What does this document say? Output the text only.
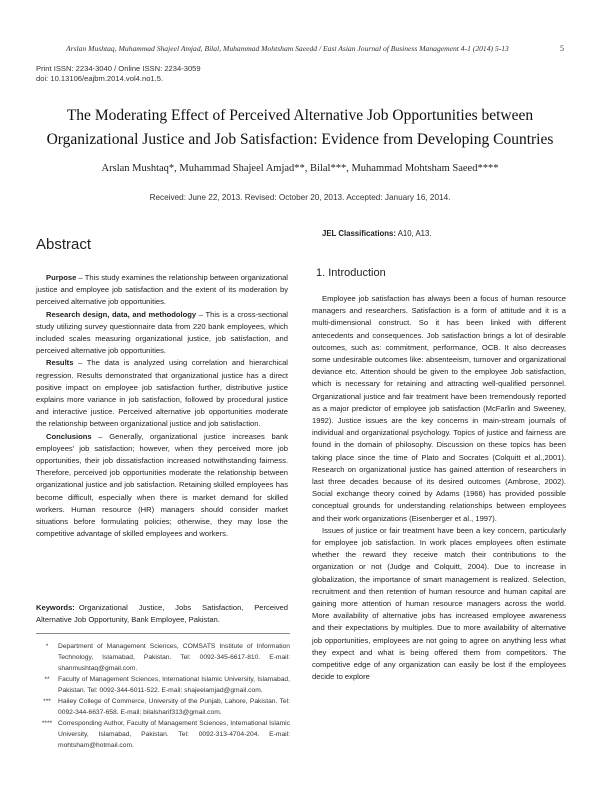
Arslan Mushtaq, Muhammad Shajeel Amjad, Bilal, Muhammad Mohtsham Saeedd / East Asian Journal of Business Management 4-1 (2014) 5-13	5
Print ISSN: 2234-3040 / Online ISSN: 2234-3059
doi: 10.13106/eajbm.2014.vol4.no1.5.
The Moderating Effect of Perceived Alternative Job Opportunities between
Organizational Justice and Job Satisfaction: Evidence from Developing Countries
Arslan Mushtaq*, Muhammad Shajeel Amjad**, Bilal***, Muhammad Mohtsham Saeed****
Received: June 22, 2013. Revised: October 20, 2013. Accepted: January 16, 2014.
Abstract

Purpose – This study examines the relationship between organizational justice and employee job satisfaction and the extent of its moderation by perceived alternative job opportunities.

Research design, data, and methodology – This is a cross-sectional study utilizing survey questionnaire data from 220 bank employees, which included scales measuring organizational justice, job satisfaction, and perceived alternative job opportunities.

Results – The data is analyzed using correlation and hierarchical regression. Results demonstrated that organizational justice has a direct positive impact on employee job satisfaction further, distributive justice explains more variance in job satisfaction, followed by procedural justice and interactive justice. Perceived alternative job opportunities moderate the relationship between organizational justice and job satisfaction.

Conclusions – Generally, organizational justice increases bank employees' job satisfaction; however, when they perceived more job opportunities, their job dissatisfaction increased notwithstanding fairness. Therefore, perceived job opportunities moderate the relationship between organizational justice and job satisfaction. Retaining skilled employees has become difficult, especially when there is market demand for skilled workers. Human resource (HR) managers should consider market situations before formulating policies; otherwise, they may lose the competitive advantage of skilled employees and workers.

Keywords: Organizational Justice, Jobs Satisfaction, Perceived Alternative Job Opportunity, Bank Employee, Pakistan.
*	Department of Management Sciences, COMSATS Institute of Information Technology, Islamabad, Pakistan. Tel: 0092-345-6617-810. E-mail: shanmushtaq@gmail.com.
**	Faculty of Management Sciences, International Islamic University, Islamabad, Pakistan. Tel: 0092-344-6011-522. E-mail: shajeelamjad@gmail.com.
***	Hailey College of Commerce, University of the Punjab, Lahore, Pakistan. Tel: 0092-344-6637-658. E-mail: bilalsharif313@gmail.com.
**** Corresponding Author, Faculty of Management Sciences, International Islamic University, Islamabad, Pakistan. Tel: 0092-313-4704-204. E-mail: mohtsham@hotmail.com.
JEL Classifications: A10, A13.
1. Introduction

Employee job satisfaction has always been a focus of human resource managers and researchers. Satisfaction is a form of attitude and it is a multi-dimensional construct. So it has been linked with different antecedents and consequences. Job satisfaction brings a lot of desirable outcomes, such as: commitment, performance, OCB. It also decreases some undesirable outcomes like: absenteeism, turnover and organizational deviance etc. Attention should be given to the employee Job satisfaction, which is necessary for retaining and attracting well-qualified personnel. Organizational justice and fair treatment have been tremendously reported as a major predictor of employee job satisfaction (McFarlin and Sweeney, 1992). Justice issues are the key concerns in main-stream journals of individual and organizational psychology. Topics of justice and fairness are found in the domain of philosophy. Discussion on these topics has been taking place since the time of Plato and Socrates (Colquitt et al.,2001). Research on organizational justice has gained attention of researchers in last three decades because of its desired outcomes (Ambrose, 2002). Social exchange theory coined by Adams (1966) has provided possible conceptual grounds for understanding relationships between employees and their work organizations (Eisenberger et al., 1997).

Issues of justice or fair treatment have been a key concern, particularly for employee job satisfaction. In work places employees often estimate whether the reward they receive match their contributions to the organization or not (Judge and Colquitt, 2004). Due to increase in globalization, the importance of smart management is realized. Selection, recruitment and then retention of human resource and human capital are gaining more attention of human resource managers across the world. More availability of alternative jobs has increased employee awareness and their expectations by multiples. Due to more availability of alternative job opportunities, employees are not going to agree on anything less what they expect and what is being offered them from competitors. The competitive edge of any organization can easily be lost if the employees decide to explore
